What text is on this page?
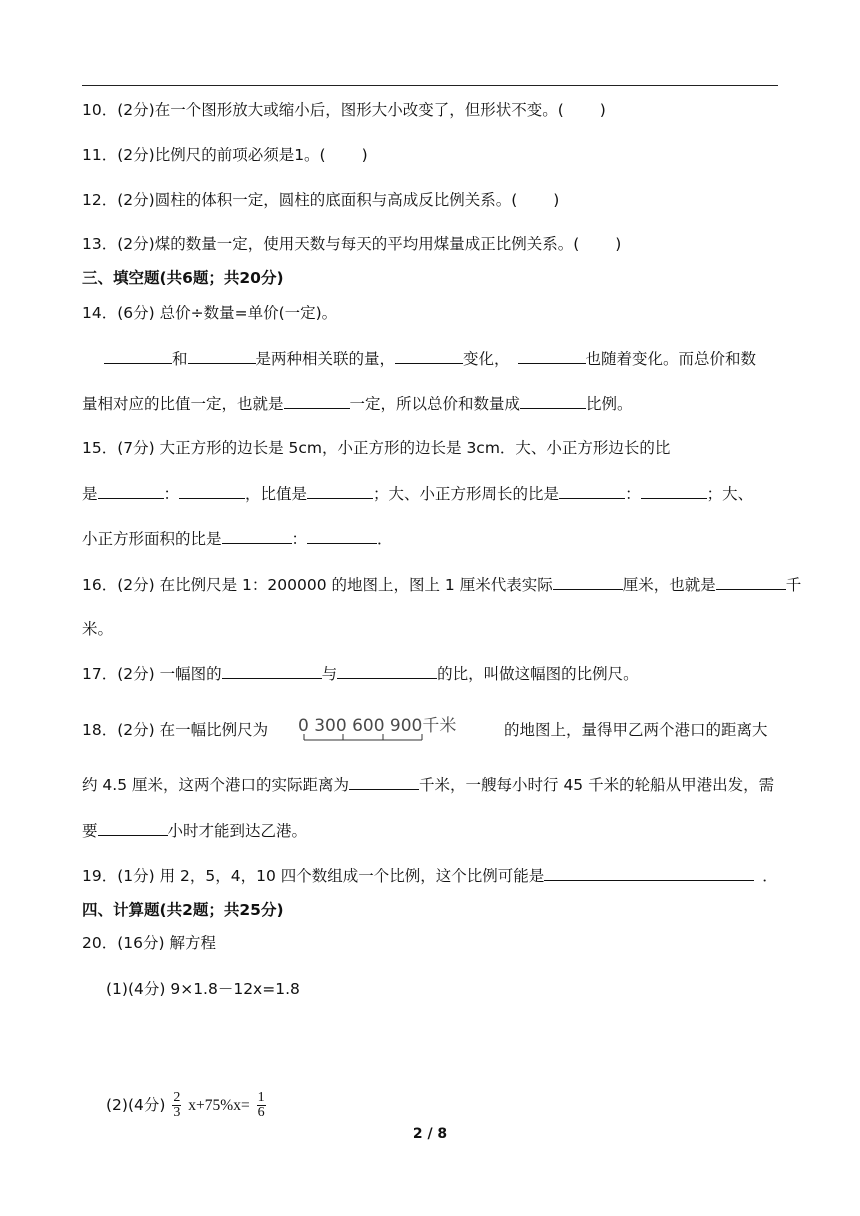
10．(2分)在一个图形放大或缩小后，图形大小改变了，但形状不变。( )
11．(2分)比例尺的前项必须是1。( )
12．(2分)圆柱的体积一定，圆柱的底面积与高成反比例关系。( )
13．(2分)煤的数量一定，使用天数与每天的平均用煤量成正比例关系。( )
三、填空题(共6题；共20分)
14．(6分) 总价÷数量=单价(一定)。
和	是两种相关联的量，	变化，	也随着变化。而总价和数
量相对应的比值一定，也就是	一定，所以总价和数量成	比例。
15．(7分) 大正方形的边长是 5cm，小正方形的边长是 3cm．大、小正方形边长的比
是	：	，比值是	；大、小正方形周长的比是	：	；大、
小正方形面积的比是	：	．
16．(2分) 在比例尺是 1：200000 的地图上，图上 1 厘米代表实际	厘米，也就是	千
米。
17．(2分) 一幅图的	与	的比，叫做这幅图的比例尺。
18．(2分) 在一幅比例尺为 0 300 600 900千米	的地图上，量得甲乙两个港口的距离大
约 4.5 厘米，这两个港口的实际距离为	千米，一艘每小时行 45 千米的轮船从甲港出发，需
要	小时才能到达乙港。
19．(1分) 用 2，5，4，10 四个数组成一个比例，这个比例可能是	．
四、计算题(共2题；共25分)
20．(16分) 解方程
(1)(4分) 9×1.8－12x=1.8
(2)(4分) $\frac{2}{3} x+75\%x= \frac{1}{6}$
2 / 8
